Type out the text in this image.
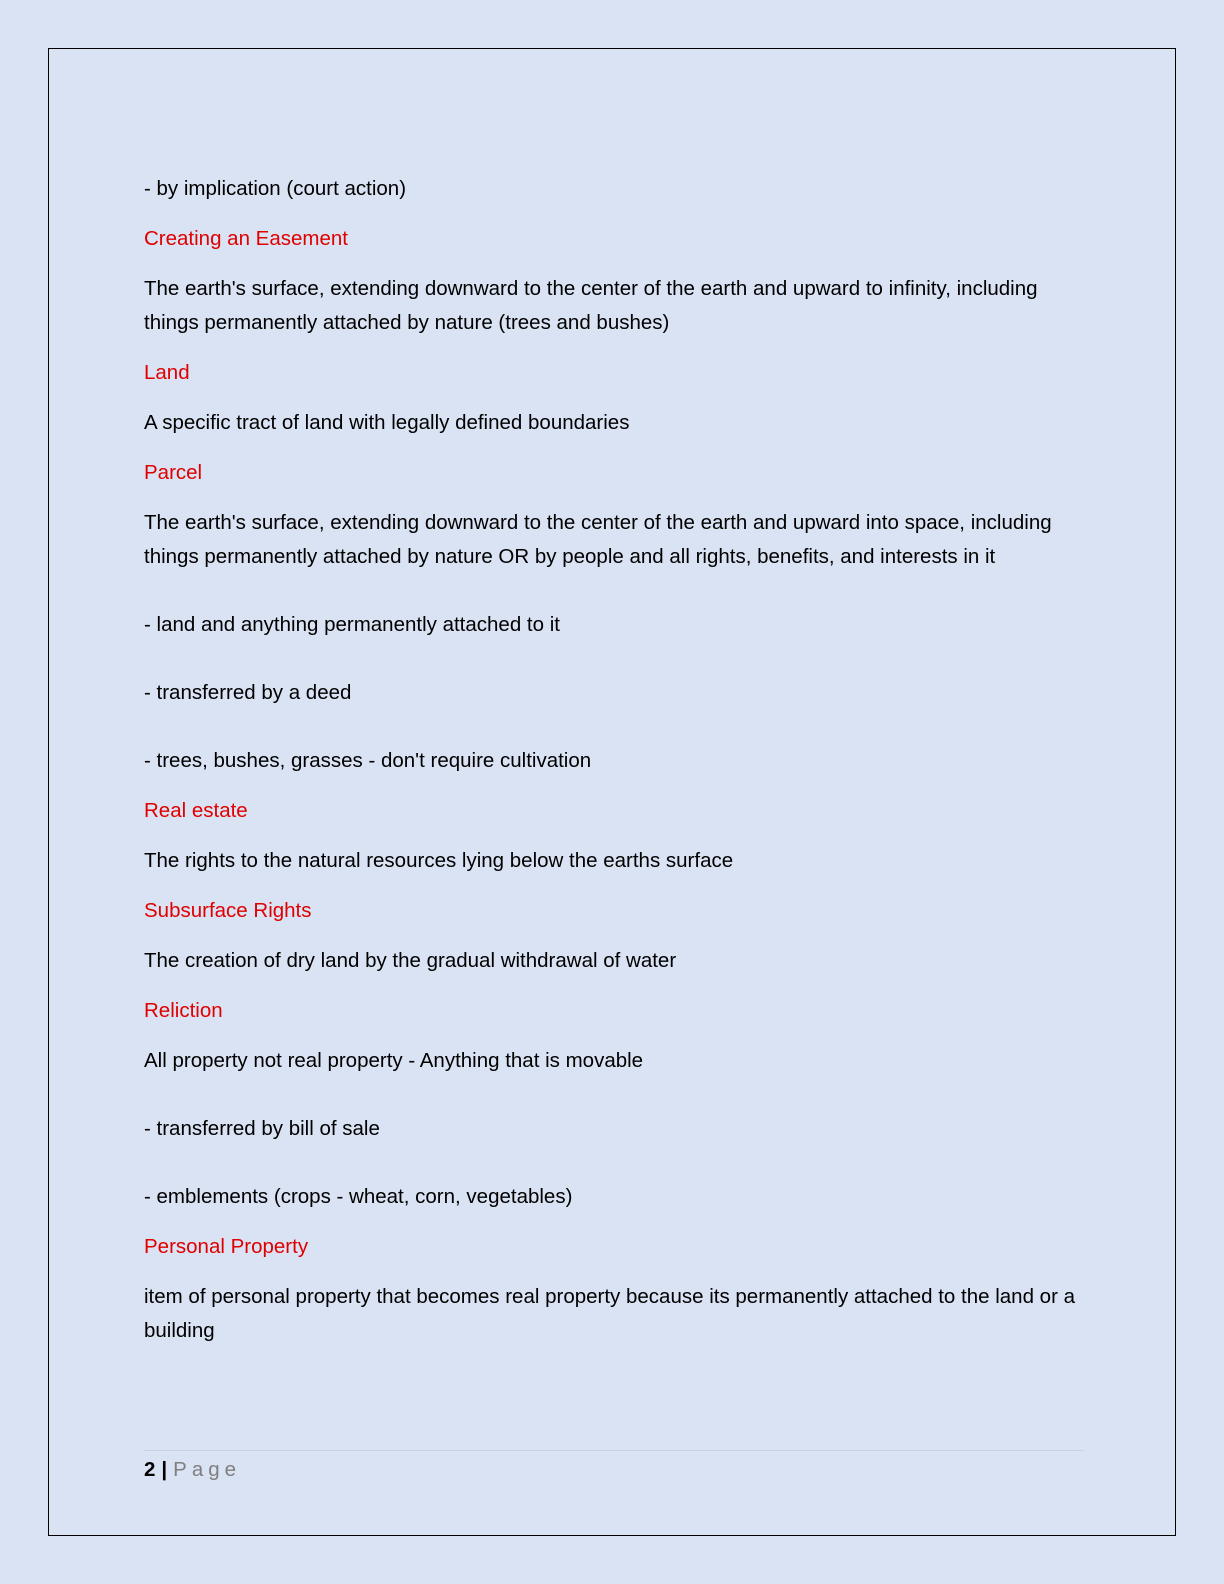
- by implication (court action)

Creating an Easement

The earth's surface, extending downward to the center of the earth and upward to infinity, including things permanently attached by nature (trees and bushes)

Land

A specific tract of land with legally defined boundaries

Parcel

The earth's surface, extending downward to the center of the earth and upward into space, including things permanently attached by nature OR by people and all rights, benefits, and interests in it

- land and anything permanently attached to it

- transferred by a deed

- trees, bushes, grasses - don't require cultivation

Real estate

The rights to the natural resources lying below the earths surface

Subsurface Rights

The creation of dry land by the gradual withdrawal of water

Reliction

All property not real property - Anything that is movable

- transferred by bill of sale

- emblements (crops - wheat, corn, vegetables)

Personal Property

item of personal property that becomes real property because its permanently attached to the land or a building

2 | Page
